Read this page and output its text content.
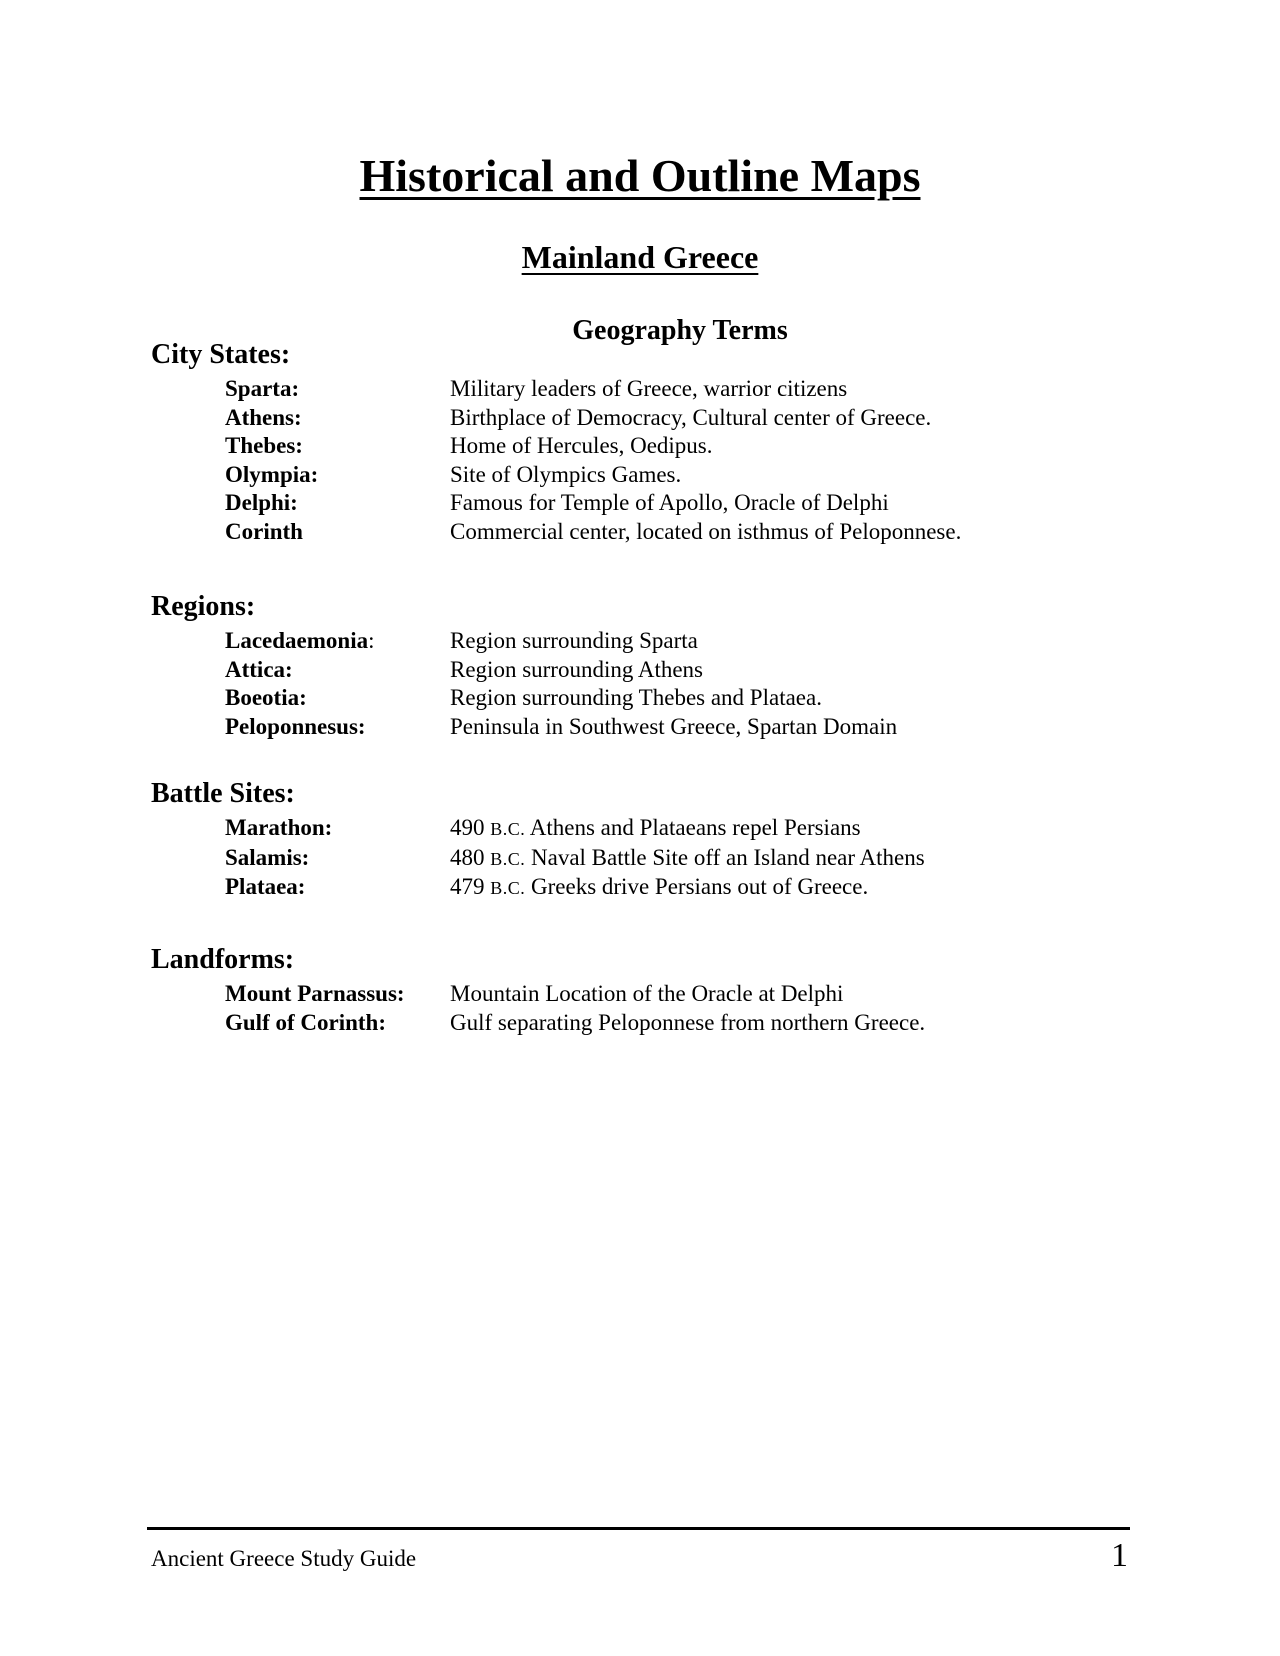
Historical and Outline Maps
Mainland Greece
Geography Terms
City States:
Sparta:	Military leaders of Greece, warrior citizens
Athens:	Birthplace of Democracy, Cultural center of Greece.
Thebes:	Home of Hercules, Oedipus.
Olympia:	Site of Olympics Games.
Delphi:	Famous for Temple of Apollo, Oracle of Delphi
Corinth	Commercial center, located on isthmus of Peloponnese.
Regions:
Lacedaemonia:	Region surrounding Sparta
Attica:	Region surrounding Athens
Boeotia:	Region surrounding Thebes and Plataea.
Peloponnesus:	Peninsula in Southwest Greece, Spartan Domain
Battle Sites:
Marathon:	490 B.C. Athens and Plataeans repel Persians
Salamis:	480 B.C. Naval Battle Site off an Island near Athens
Plataea:	479 B.C. Greeks drive Persians out of Greece.
Landforms:
Mount Parnassus:	Mountain Location of the Oracle at Delphi
Gulf of Corinth:	Gulf separating Peloponnese from northern Greece.
Ancient Greece Study Guide	1
